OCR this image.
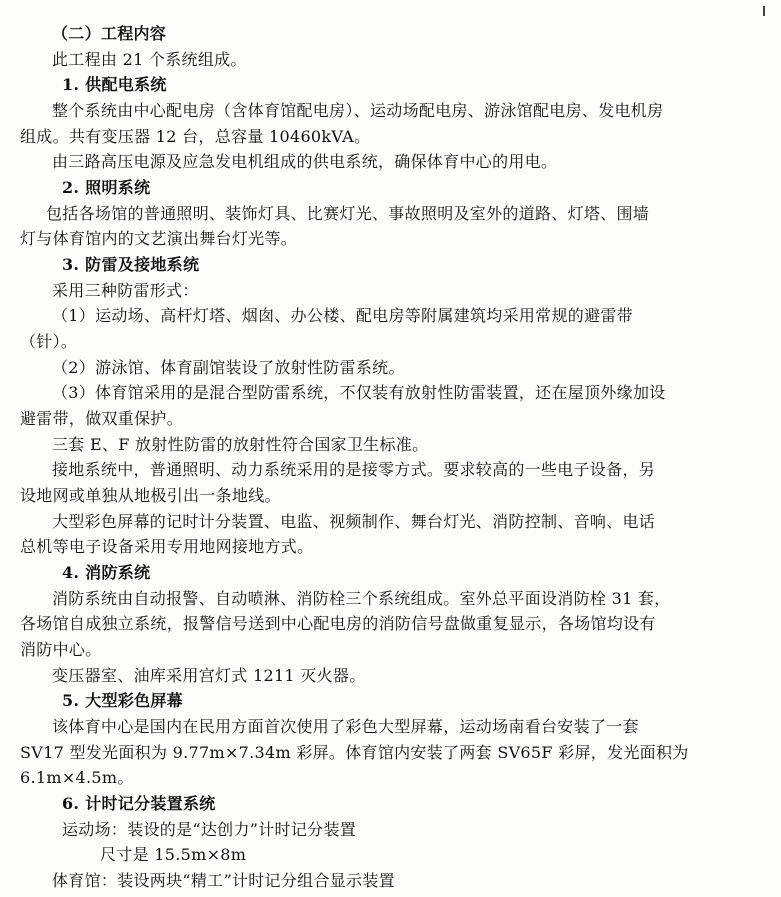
（二）工程内容
此工程由 21 个系统组成。
1. 供配电系统
整个系统由中心配电房（含体育馆配电房）、运动场配电房、游泳馆配电房、发电机房
组成。共有变压器 12 台，总容量 10460kVA。
由三路高压电源及应急发电机组成的供电系统，确保体育中心的用电。
2. 照明系统
包括各场馆的普通照明、装饰灯具、比赛灯光、事故照明及室外的道路、灯塔、围墙
灯与体育馆内的文艺演出舞台灯光等。
3. 防雷及接地系统
采用三种防雷形式：
（1）运动场、高杆灯塔、烟囱、办公楼、配电房等附属建筑均采用常规的避雷带
（针）。
（2）游泳馆、体育副馆装设了放射性防雷系统。
（3）体育馆采用的是混合型防雷系统，不仅装有放射性防雷装置，还在屋顶外缘加设
避雷带，做双重保护。
三套 E、F 放射性防雷的放射性符合国家卫生标准。
接地系统中，普通照明、动力系统采用的是接零方式。要求较高的一些电子设备，另
设地网或单独从地极引出一条地线。
大型彩色屏幕的记时计分装置、电监、视频制作、舞台灯光、消防控制、音响、电话
总机等电子设备采用专用地网接地方式。
4. 消防系统
消防系统由自动报警、自动喷淋、消防栓三个系统组成。室外总平面设消防栓 31 套，
各场馆自成独立系统，报警信号送到中心配电房的消防信号盘做重复显示，各场馆均设有
消防中心。
变压器室、油库采用宫灯式 1211 灭火器。
5. 大型彩色屏幕
该体育中心是国内在民用方面首次使用了彩色大型屏幕，运动场南看台安装了一套
SV17 型发光面积为 9.77m×7.34m 彩屏。体育馆内安装了两套 SV65F 彩屏，发光面积为
6.1m×4.5m。
6. 计时记分装置系统
运动场：装设的是“达创力”计时记分装置
尺寸是 15.5m×8m
体育馆：装设两块“精工”计时记分组合显示装置
